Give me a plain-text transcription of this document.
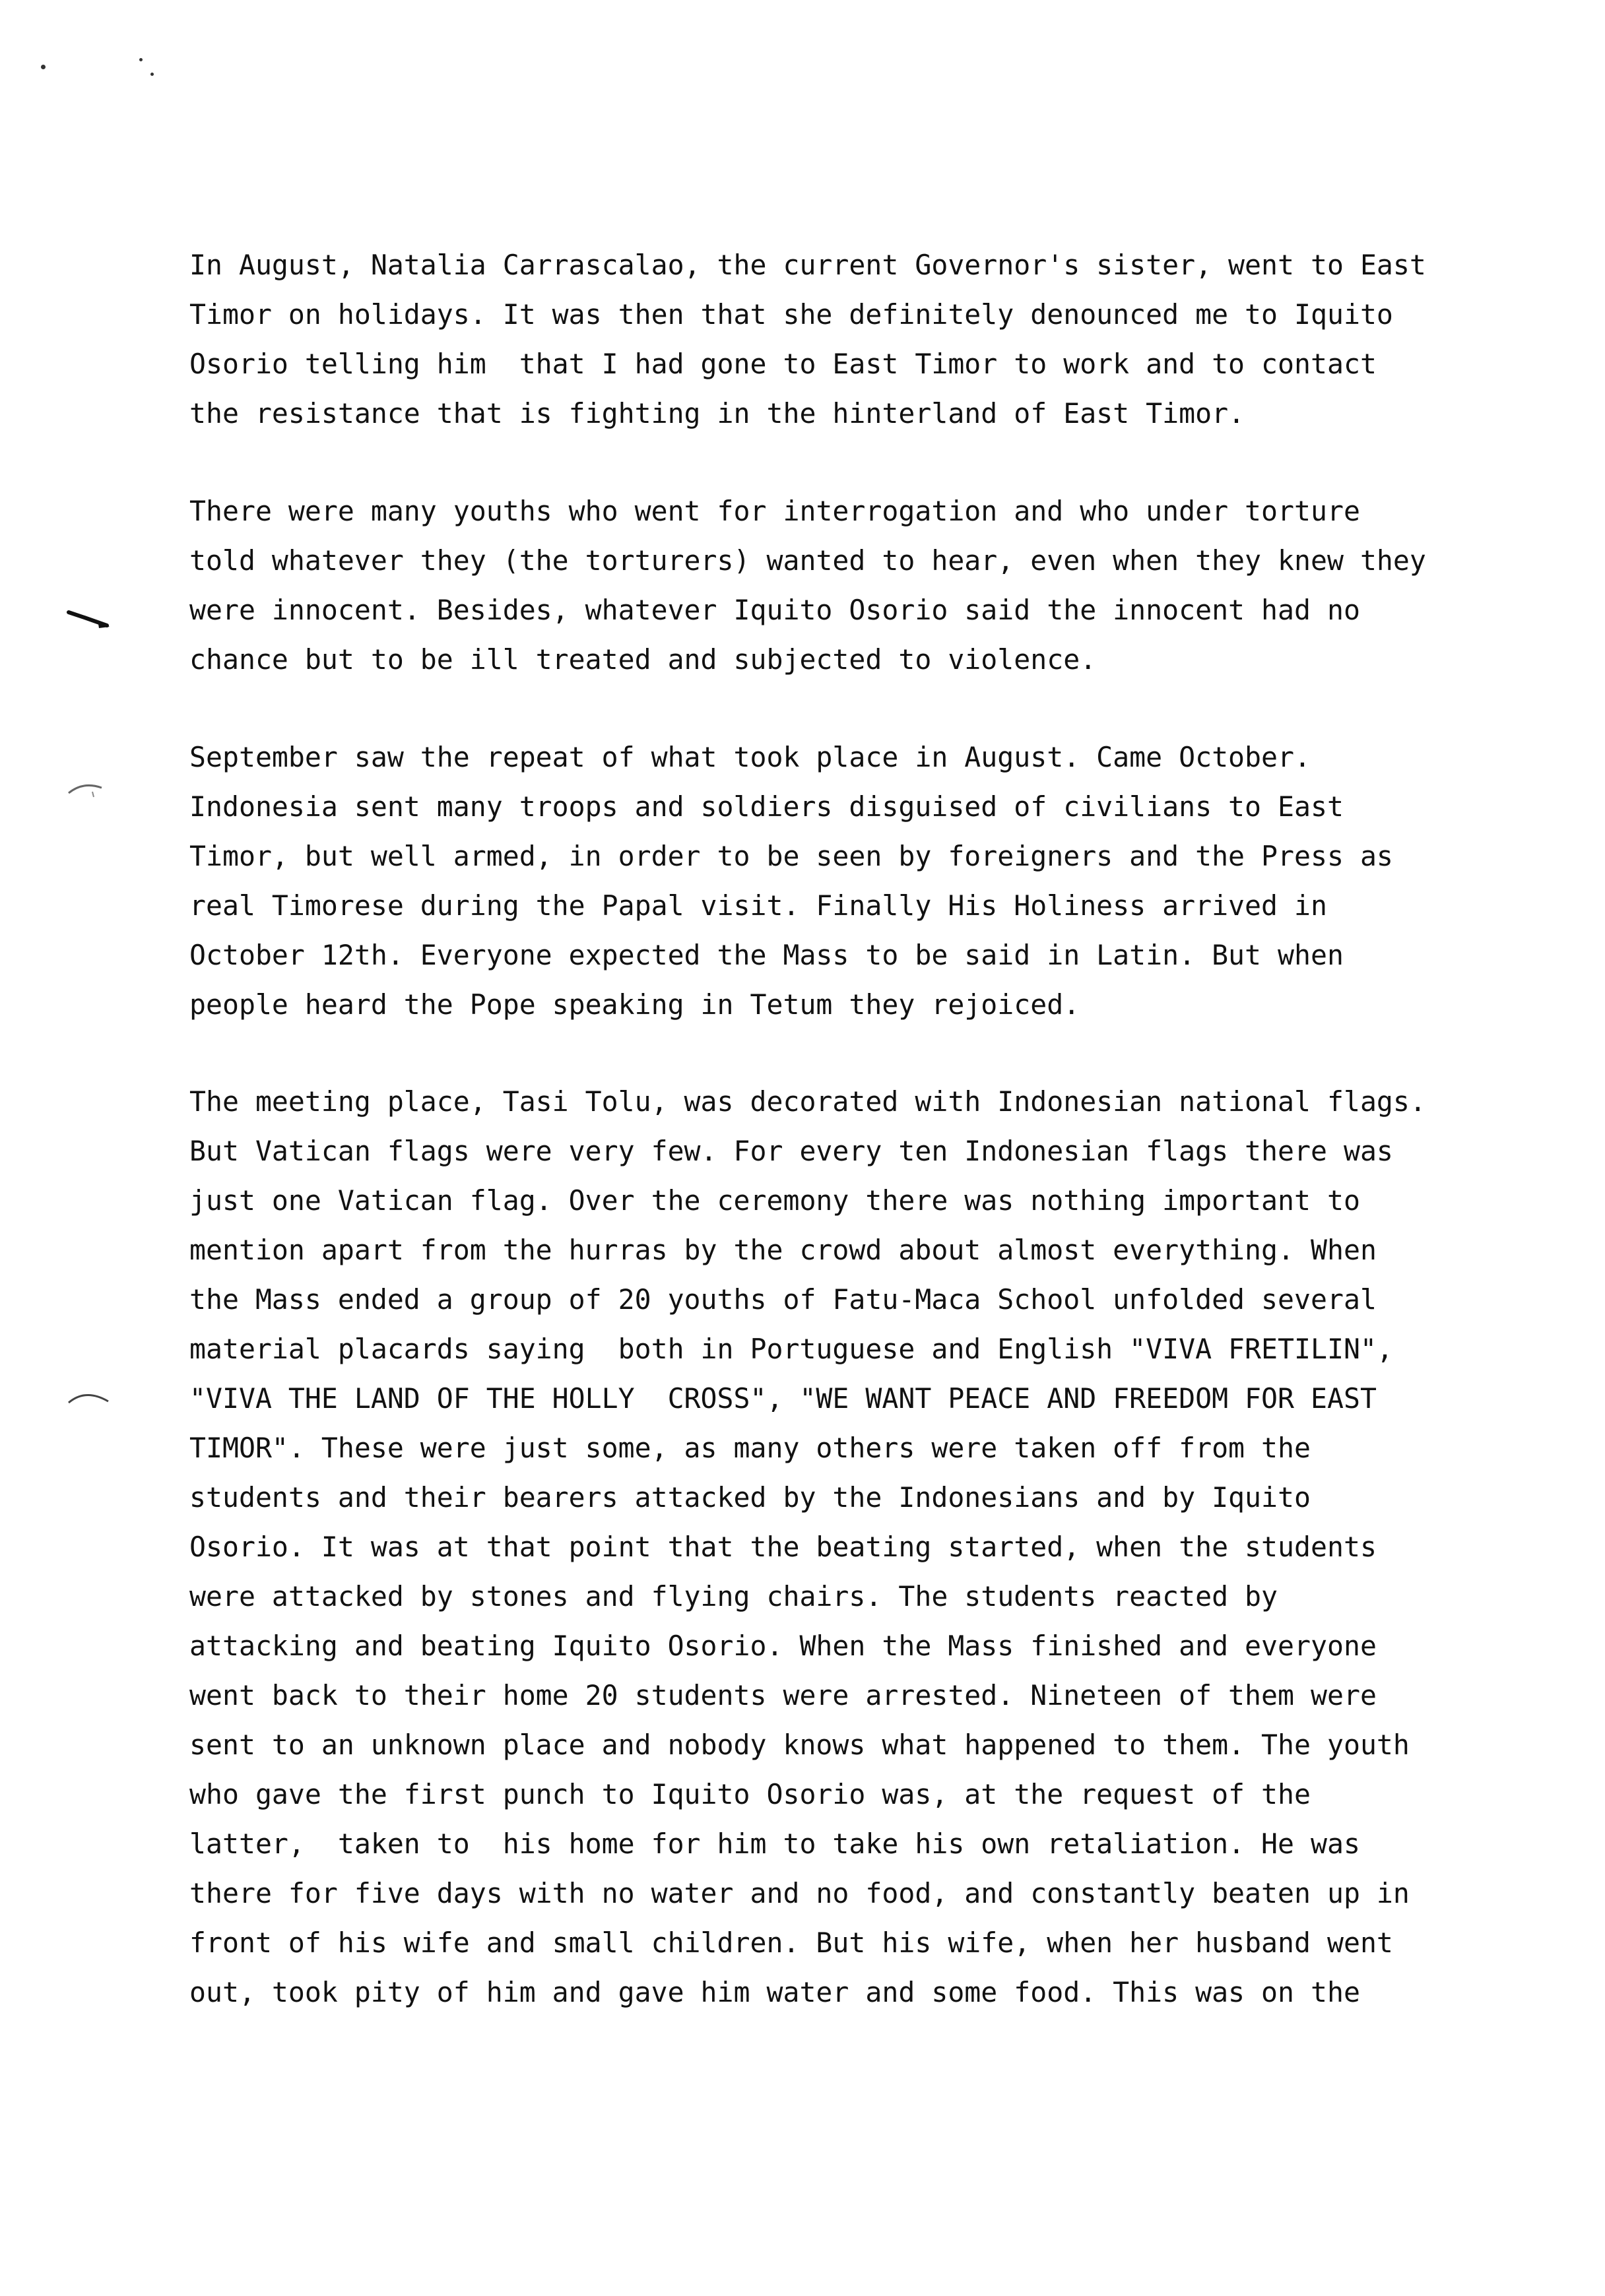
In August, Natalia Carrascalao, the current Governor's sister, went to East
Timor on holidays. It was then that she definitely denounced me to Iquito
Osorio telling him  that I had gone to East Timor to work and to contact
the resistance that is fighting in the hinterland of East Timor.
There were many youths who went for interrogation and who under torture
told whatever they (the torturers) wanted to hear, even when they knew they
were innocent. Besides, whatever Iquito Osorio said the innocent had no
chance but to be ill treated and subjected to violence.
September saw the repeat of what took place in August. Came October.
Indonesia sent many troops and soldiers disguised of civilians to East
Timor, but well armed, in order to be seen by foreigners and the Press as
real Timorese during the Papal visit. Finally His Holiness arrived in
October 12th. Everyone expected the Mass to be said in Latin. But when
people heard the Pope speaking in Tetum they rejoiced.
The meeting place, Tasi Tolu, was decorated with Indonesian national flags.
But Vatican flags were very few. For every ten Indonesian flags there was
just one Vatican flag. Over the ceremony there was nothing important to
mention apart from the hurras by the crowd about almost everything. When
the Mass ended a group of 20 youths of Fatu-Maca School unfolded several
material placards saying  both in Portuguese and English "VIVA FRETILIN",
"VIVA THE LAND OF THE HOLLY  CROSS", "WE WANT PEACE AND FREEDOM FOR EAST
TIMOR". These were just some, as many others were taken off from the
students and their bearers attacked by the Indonesians and by Iquito
Osorio. It was at that point that the beating started, when the students
were attacked by stones and flying chairs. The students reacted by
attacking and beating Iquito Osorio. When the Mass finished and everyone
went back to their home 20 students were arrested. Nineteen of them were
sent to an unknown place and nobody knows what happened to them. The youth
who gave the first punch to Iquito Osorio was, at the request of the
latter,  taken to  his home for him to take his own retaliation. He was
there for five days with no water and no food, and constantly beaten up in
front of his wife and small children. But his wife, when her husband went
out, took pity of him and gave him water and some food. This was on the
